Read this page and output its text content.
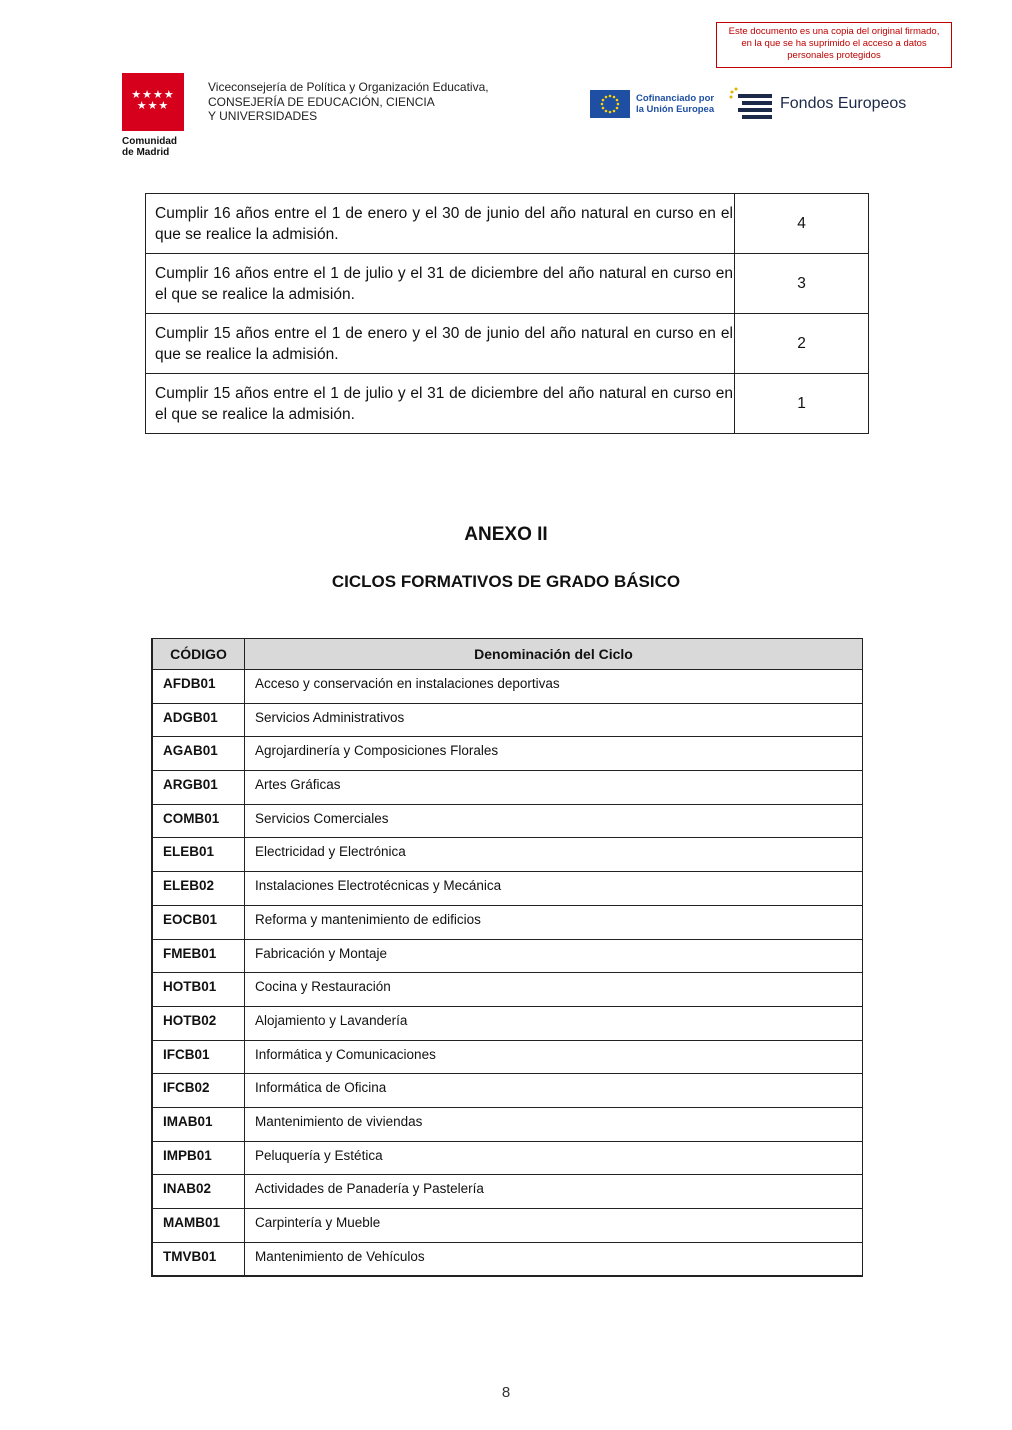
Este documento es una copia del original firmado,
en la que se ha suprimido el acceso a datos
personales protegidos
★★★★
★★★
Comunidad
de Madrid
Viceconsejería de Política y Organización Educativa,
CONSEJERÍA DE EDUCACIÓN, CIENCIA
Y UNIVERSIDADES
Cofinanciado por
la Unión Europea	Fondos Europeos
Cumplir 16 años entre el 1 de enero y el 30 de junio del año natural en curso en el que se realice la admisión.	4
Cumplir 16 años entre el 1 de julio y el 31 de diciembre del año natural en curso en el que se realice la admisión.	3
Cumplir 15 años entre el 1 de enero y el 30 de junio del año natural en curso en el que se realice la admisión.	2
Cumplir 15 años entre el 1 de julio y el 31 de diciembre del año natural en curso en el que se realice la admisión.	1
ANEXO II
CICLOS FORMATIVOS DE GRADO BÁSICO
CÓDIGO	Denominación del Ciclo
AFDB01	Acceso y conservación en instalaciones deportivas
ADGB01	Servicios Administrativos
AGAB01	Agrojardinería y Composiciones Florales
ARGB01	Artes Gráficas
COMB01	Servicios Comerciales
ELEB01	Electricidad y Electrónica
ELEB02	Instalaciones Electrotécnicas y Mecánica
EOCB01	Reforma y mantenimiento de edificios
FMEB01	Fabricación y Montaje
HOTB01	Cocina y Restauración
HOTB02	Alojamiento y Lavandería
IFCB01	Informática y Comunicaciones
IFCB02	Informática de Oficina
IMAB01	Mantenimiento de viviendas
IMPB01	Peluquería y Estética
INAB02	Actividades de Panadería y Pastelería
MAMB01	Carpintería y Mueble
TMVB01	Mantenimiento de Vehículos
8
